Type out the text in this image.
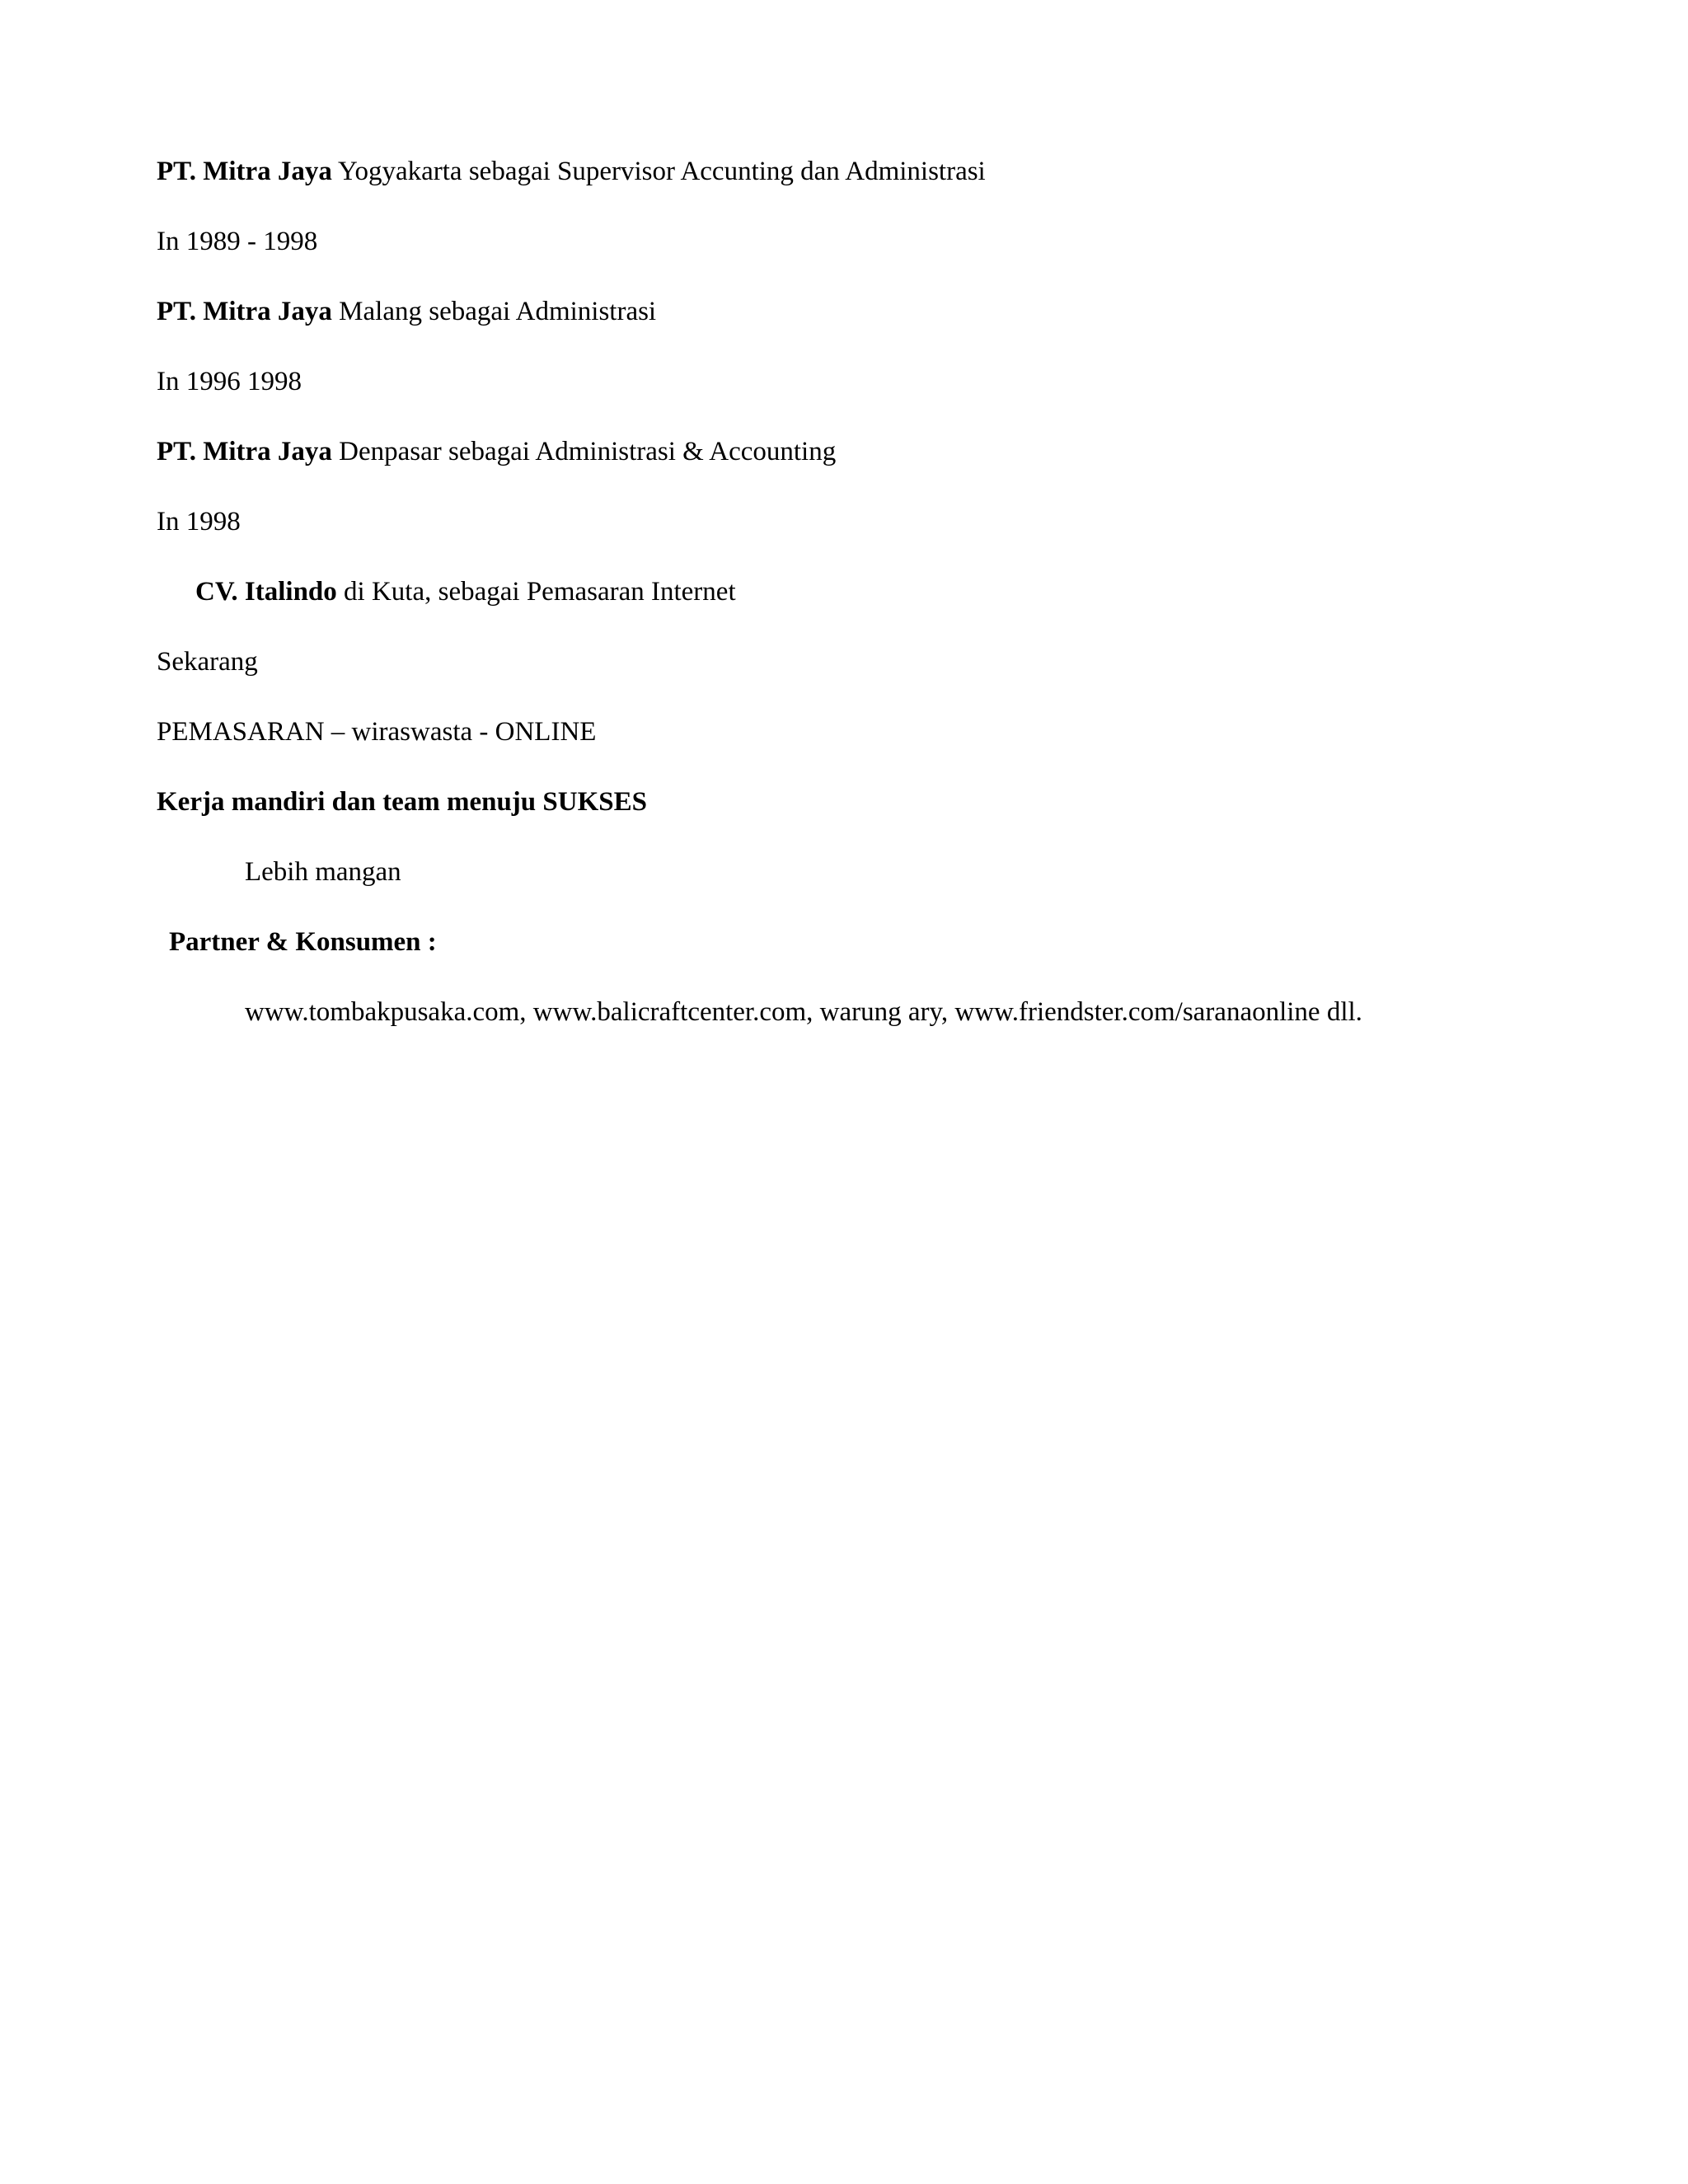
PT. Mitra Jaya Yogyakarta sebagai Supervisor Accunting dan Administrasi
In 1989 - 1998
PT. Mitra Jaya Malang sebagai Administrasi
In 1996 1998
PT. Mitra Jaya Denpasar sebagai Administrasi & Accounting
In 1998
CV. Italindo di Kuta, sebagai Pemasaran Internet
Sekarang
PEMASARAN – wiraswasta - ONLINE
Kerja mandiri dan team menuju SUKSES
Lebih mangan
Partner & Konsumen :
www.tombakpusaka.com, www.balicraftcenter.com, warung ary, www.friendster.com/saranaonline dll.
